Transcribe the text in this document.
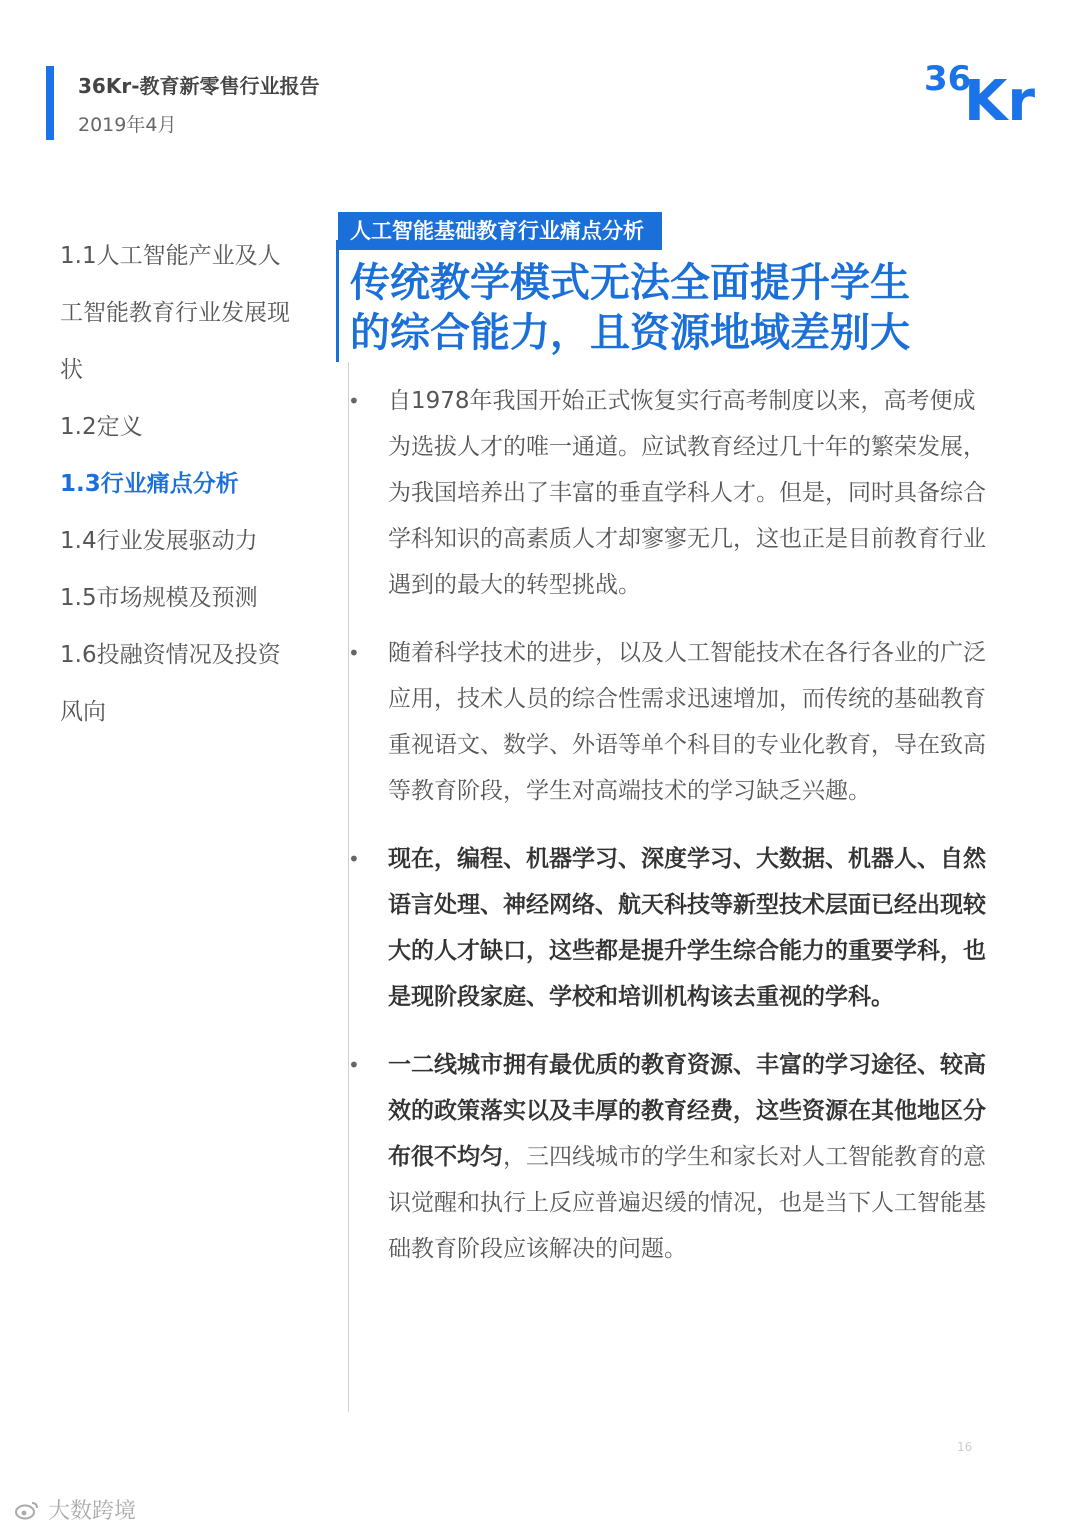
36Kr-教育新零售行业报告
2019年4月
36
Kr
1.1人工智能产业及人
工智能教育行业发展现
状
1.2定义
1.3行业痛点分析
1.4行业发展驱动力
1.5市场规模及预测
1.6投融资情况及投资
风向
人工智能基础教育行业痛点分析
传统教学模式无法全面提升学生
的综合能力，且资源地域差别大
• 自1978年我国开始正式恢复实行高考制度以来，高考便成为选拔人才的唯一通道。应试教育经过几十年的繁荣发展，为我国培养出了丰富的垂直学科人才。但是，同时具备综合学科知识的高素质人才却寥寥无几，这也正是目前教育行业遇到的最大的转型挑战。
• 随着科学技术的进步，以及人工智能技术在各行各业的广泛应用，技术人员的综合性需求迅速增加，而传统的基础教育重视语文、数学、外语等单个科目的专业化教育，导在致高等教育阶段，学生对高端技术的学习缺乏兴趣。
• 现在，编程、机器学习、深度学习、大数据、机器人、自然语言处理、神经网络、航天科技等新型技术层面已经出现较大的人才缺口，这些都是提升学生综合能力的重要学科，也是现阶段家庭、学校和培训机构该去重视的学科。
• 一二线城市拥有最优质的教育资源、丰富的学习途径、较高效的政策落实以及丰厚的教育经费，这些资源在其他地区分布很不均匀，三四线城市的学生和家长对人工智能教育的意识觉醒和执行上反应普遍迟缓的情况，也是当下人工智能基础教育阶段应该解决的问题。
16
大数跨境
